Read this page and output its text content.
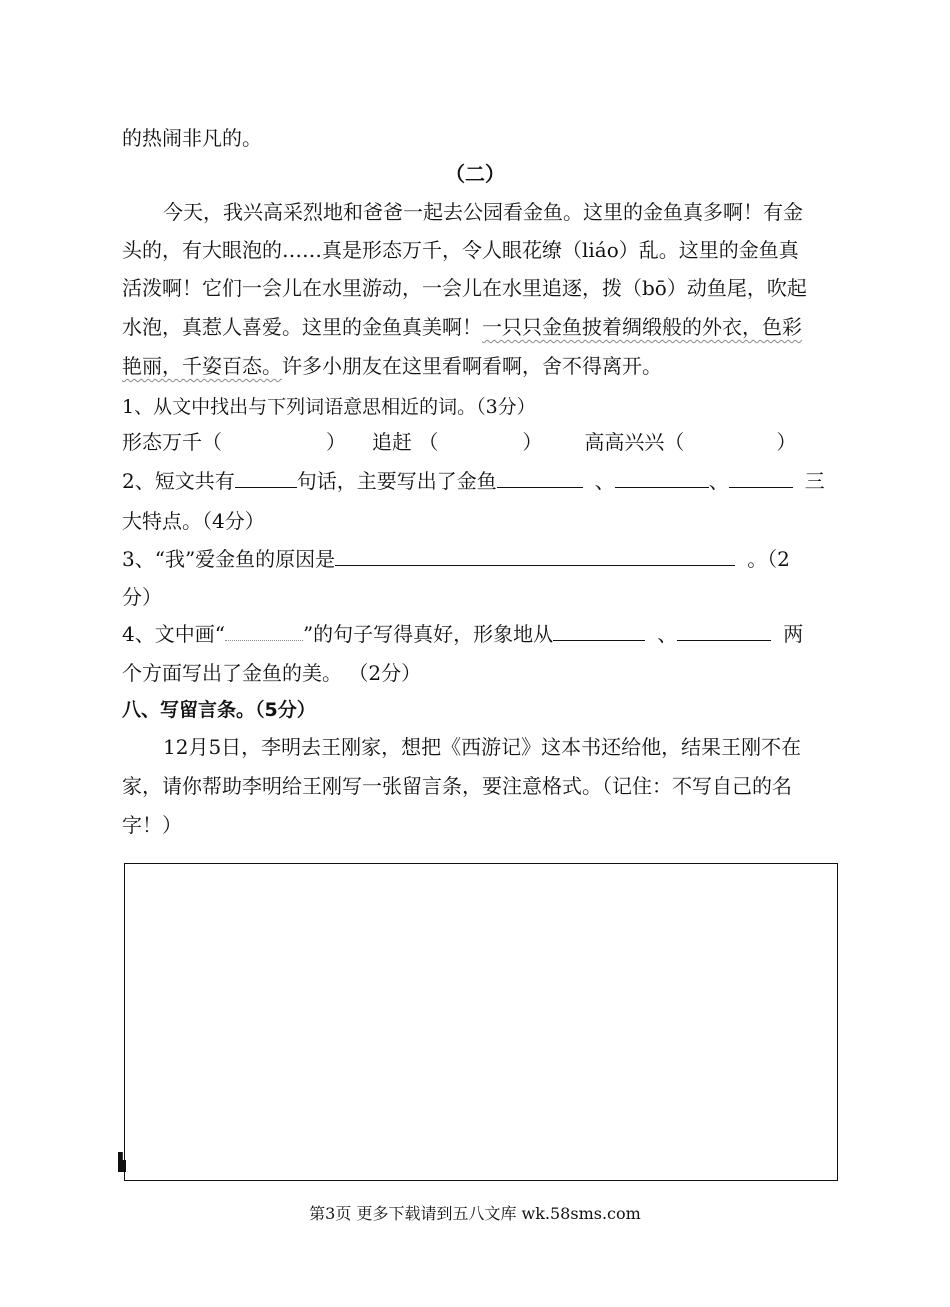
的热闹非凡的。
（二）
今天，我兴高采烈地和爸爸一起去公园看金鱼。这里的金鱼真多啊！有金
头的，有大眼泡的……真是形态万千，令人眼花缭（liáo）乱。这里的金鱼真
活泼啊！它们一会儿在水里游动，一会儿在水里追逐，拨（bō）动鱼尾，吹起
水泡，真惹人喜爱。这里的金鱼真美啊！一只只金鱼披着绸缎般的外衣，色彩
艳丽，千姿百态。许多小朋友在这里看啊看啊，舍不得离开。
1、从文中找出与下列词语意思相近的词。（3分）
形态万千（	） 追赶 （	） 高高兴兴（	）
2、短文共有	句话，主要写出了金鱼	、	、	三
大特点。（4分）
3、“我”爱金鱼的原因是	。（2
分）
4、文中画“	”的句子写得真好，形象地从	、	两
个方面写出了金鱼的美。 （2分）
八、写留言条。（5分）
12月5日，李明去王刚家，想把《西游记》这本书还给他，结果王刚不在
家，请你帮助李明给王刚写一张留言条，要注意格式。（记住：不写自己的名
字！）
第3页 更多下载请到五八文库 wk.58sms.com
